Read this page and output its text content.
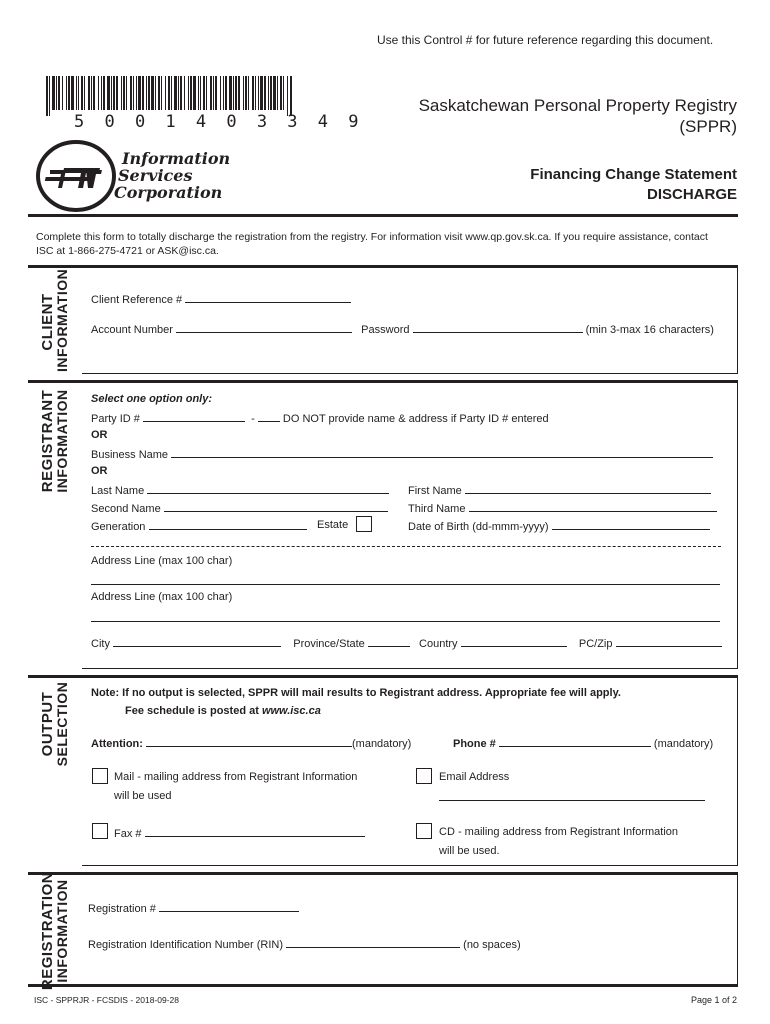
Use this Control # for future reference regarding this document.
5 0 0 1 4 0 3 3 4 9
Saskatchewan Personal Property Registry
(SPPR)
Information
Services
Corporation
Financing Change Statement
DISCHARGE
Complete this form to totally discharge the registration from the registry. For information visit www.qp.gov.sk.ca. If you require assistance, contact
ISC at 1-866-275-4721 or ASK@isc.ca.
CLIENT
INFORMATION Client Reference #
Account Number	Password	(min 3-max 16 characters)
REGISTRANT
INFORMATION Select one option only:
Party ID #	-	DO NOT provide name & address if Party ID # entered
OR
Business Name
OR
Last Name	First Name
Second Name	Third Name
Generation	Estate	Date of Birth (dd-mmm-yyyy)
Address Line (max 100 char)
Address Line (max 100 char)
City	Province/State	Country	PC/Zip
OUTPUT
SELECTION Note: If no output is selected, SPPR will mail results to Registrant address. Appropriate fee will apply.
Fee schedule is posted at www.isc.ca
Attention:	(mandatory)	Phone #	(mandatory)
Mail - mailing address from Registrant Information
will be used
Email Address
Fax #	CD - mailing address from Registrant Information
will be used.
REGISTRATION
INFORMATION Registration #
Registration Identification Number (RIN)	(no spaces)
ISC - SPPRJR - FCSDIS - 2018-09-28	Page 1 of 2
